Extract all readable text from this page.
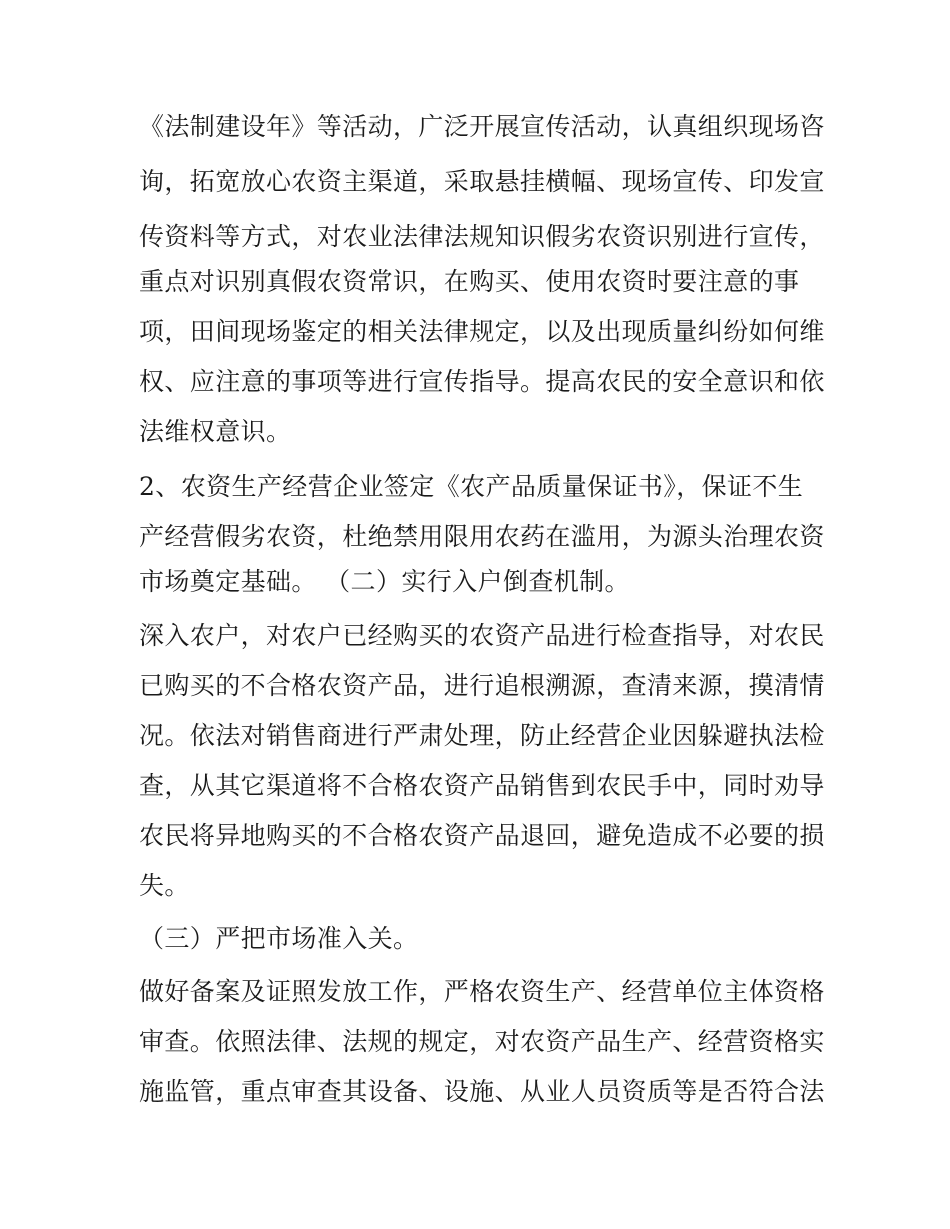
《法制建设年》等活动，广泛开展宣传活动，认真组织现场咨
询，拓宽放心农资主渠道，采取悬挂横幅、现场宣传、印发宣
传资料等方式，对农业法律法规知识假劣农资识别进行宣传，
重点对识别真假农资常识，在购买、使用农资时要注意的事
项，田间现场鉴定的相关法律规定，以及出现质量纠纷如何维
权、应注意的事项等进行宣传指导。提高农民的安全意识和依
法维权意识。
2、农资生产经营企业签定《农产品质量保证书》，保证不生
产经营假劣农资，杜绝禁用限用农药在滥用，为源头治理农资
市场奠定基础。 （二）实行入户倒查机制。
深入农户，对农户已经购买的农资产品进行检查指导，对农民
已购买的不合格农资产品，进行追根溯源，查清来源，摸清情
况。依法对销售商进行严肃处理，防止经营企业因躲避执法检
查，从其它渠道将不合格农资产品销售到农民手中，同时劝导
农民将异地购买的不合格农资产品退回，避免造成不必要的损
失。
（三）严把市场准入关。
做好备案及证照发放工作，严格农资生产、经营单位主体资格
审查。依照法律、法规的规定，对农资产品生产、经营资格实
施监管，重点审查其设备、设施、从业人员资质等是否符合法
